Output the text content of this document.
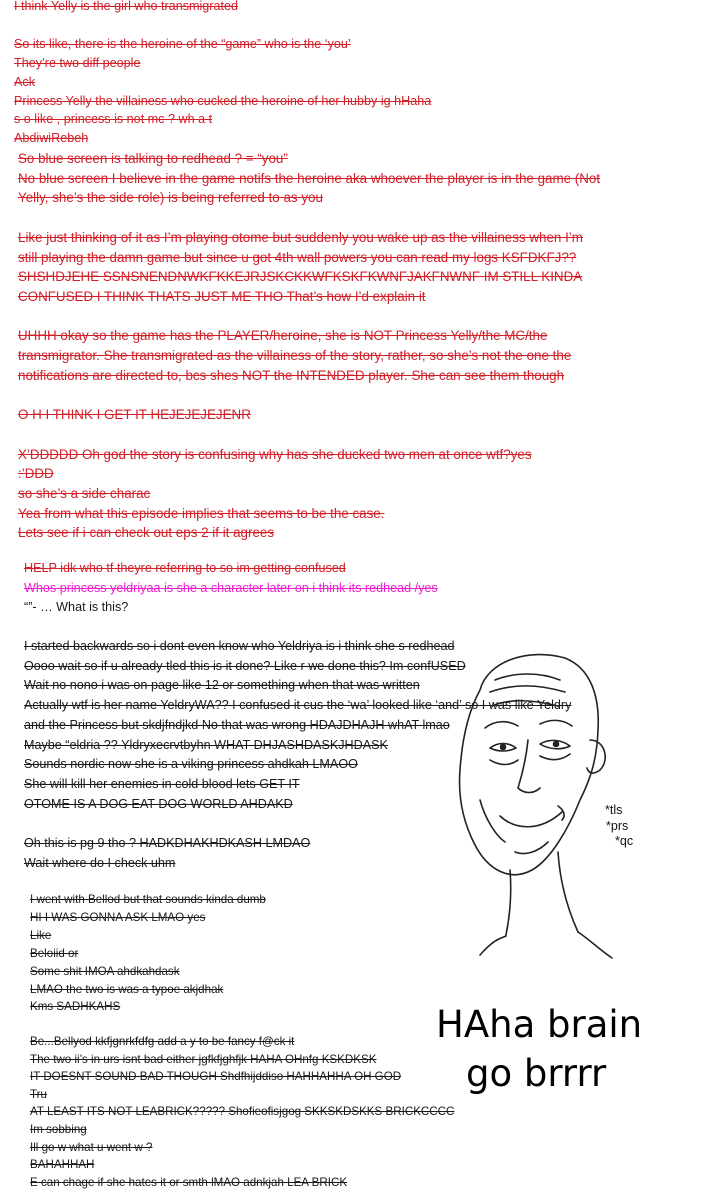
I think Yelly is the girl who transmigrated
So its like, there is the heroine of the “game” who is the ‘you’
They’re two diff people
Ack
Princess Yelly the villainess who cucked the heroine of her hubby ig hHaha
s o like , princess is not mc ? wh a t
AbdiwiRebeh
So blue screen is talking to redhead ? = “you”
No blue screen I believe in the game notifs the heroine aka whoever the player is in the game (Not
Yelly, she’s the side role) is being referred to as you
Like just thinking of it as I’m playing otome but suddenly you wake up as the villainess when I’m
still playing the damn game but since u got 4th wall powers you can read my logs KSFDKFJ??
SHSHDJEHE SSNSNENDNWKFKKEJRJSKCKKWFKSKFKWNFJAKFNWNF IM STILL KINDA
CONFUSED I THINK THATS JUST ME THO That’s how I’d explain it
UHHH okay so the game has the PLAYER/heroine, she is NOT Princess Yelly/the MC/the
transmigrator. She transmigrated as the villainess of the story, rather, so she’s not the one the
notifications are directed to, bcs shes NOT the INTENDED player. She can see them though
O H I THINK I GET IT HEJEJEJEJENR
X’DDDDD Oh god the story is confusing why has she ducked two men at once wtf?yes
:’DDD
so she’s a side charac
Yea from what this episode implies that seems to be the case.
Lets see if i can check out eps 2 if it agrees
I started backwards so i dont even know who Yeldriya is i think she s redhead
Oooo wait so if u already tled this is it done? Like r we done this? Im confUSED
Wait no nono i was on page like 12 or something when that was written
Actually wtf is her name YeldryWA?? I confused it cus the ‘wa’ looked like ‘and’ so I was like Yeldry
and the Princess but skdjfndjkd No that was wrong HDAJDHAJH whAT lmao
Maybe “eldria ?? Yldryxecrvtbyhn WHAT DHJASHDASKJHDASK
Sounds nordic now she is a viking princess ahdkah LMAOO
She will kill her enemies in cold blood lets GET IT
OTOME IS A DOG EAT DOG WORLD AHDAKD
Oh this is pg 9 tho ? HADKDHAKHDKASH LMDAO
Wait where do I check uhm
HELP idk who tf theyre referring to so im getting confused
Whos princess yeldriyaa is she a character later on i think its redhead /yes
“”- … What is this?
I went with Bellod but that sounds kinda dumb
HI I WAS GONNA ASK LMAO yes
Like
Beloiid or
Some shit IMOA ahdkahdask
LMAO the two is was a typoe akjdhak
Kms SADHKAHS
Be...Bellyod kkfjgnrkfdfg add a y to be fancy f@ck it
The two ii’s in urs isnt bad either jgfkfjghfjk HAHA OHnfg KSKDKSK
IT DOESNT SOUND BAD THOUGH Shdfhijddiso HAHHAHHA OH GOD
Tru
AT LEAST ITS NOT LEABRICK????? Shofieofisjgog SKKSKDSKKS BRICKCCCC
Im sobbing
Ill go w what u went w ?
BAHAHHAH
E can chage if she hates it or smth lMAO adnkjah LEA BRICK
*tls
*prs
*qc
HAha brain
go brrrr
